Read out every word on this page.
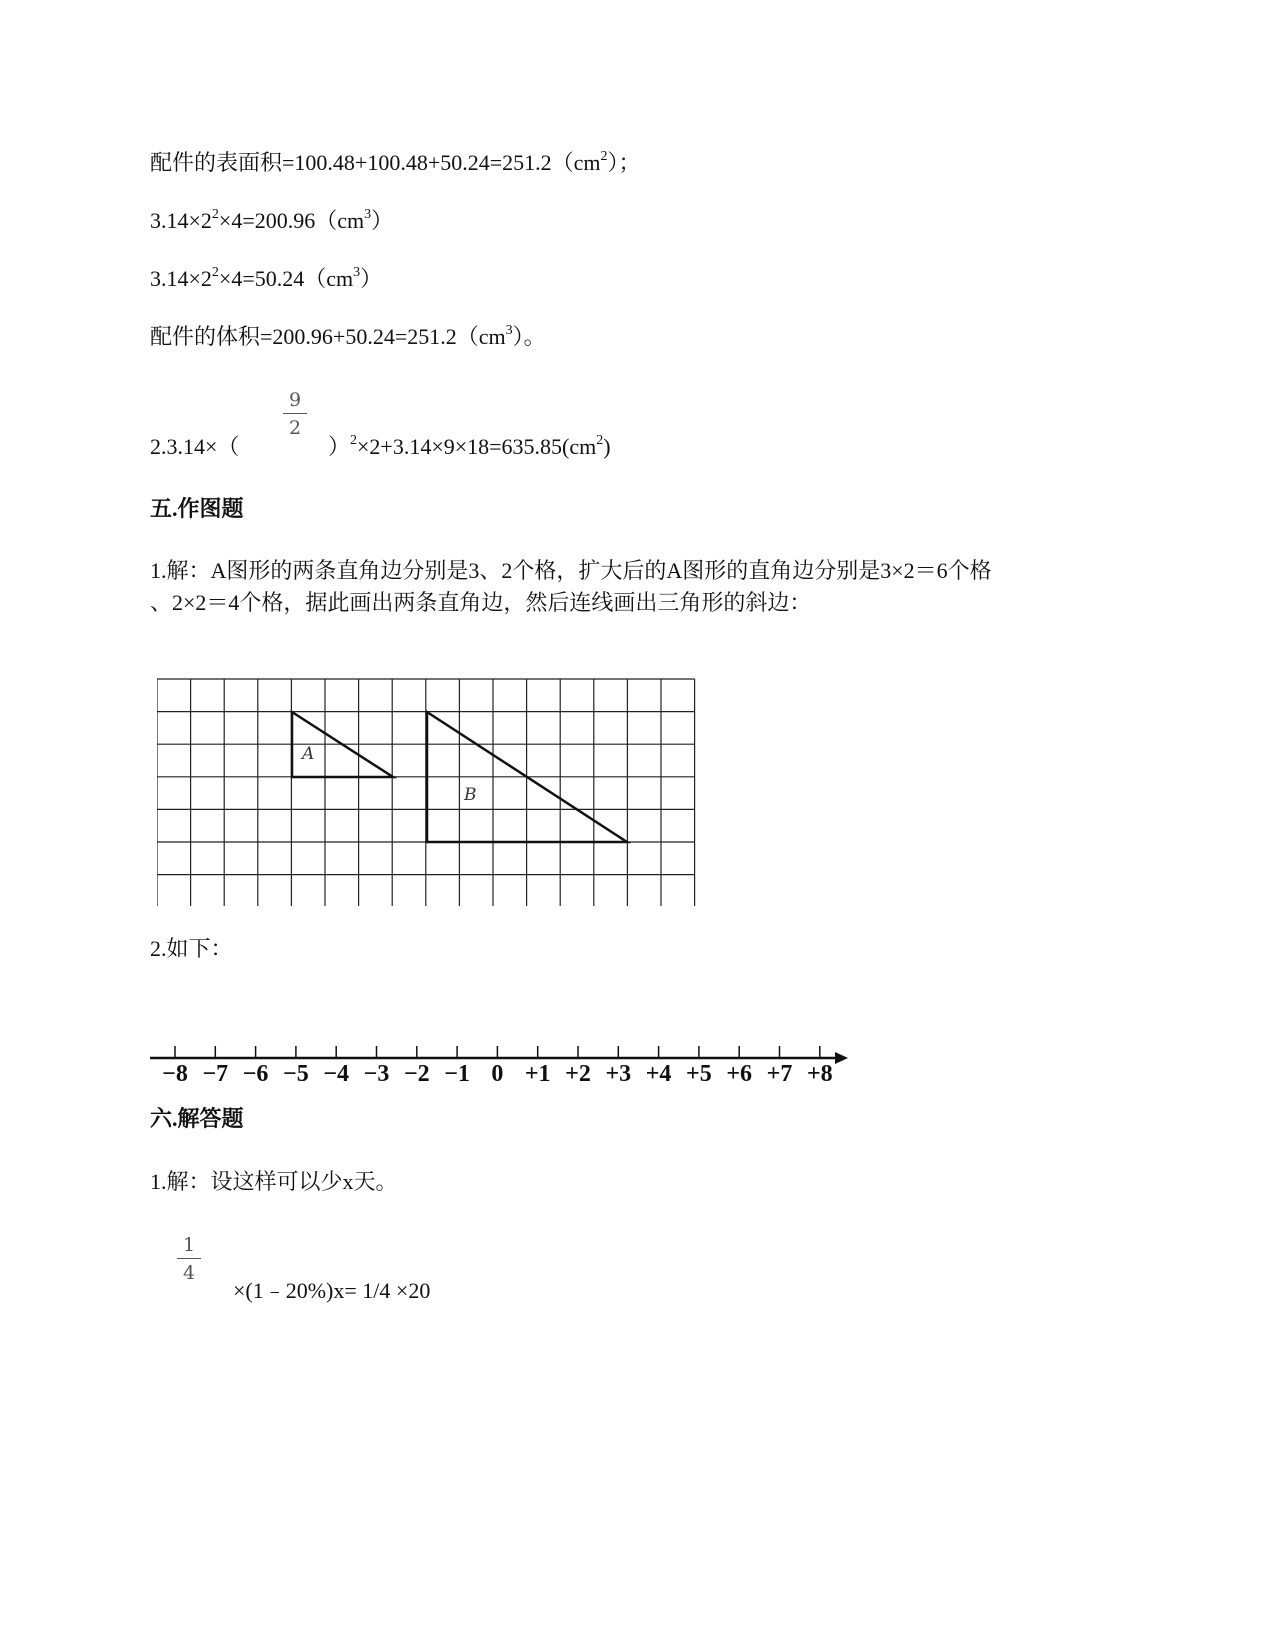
配件的表面积$=100.48+100.48+50.24=251.2(cm^2)$；
$3.14\times 2^2\times 4=200.96(cm^3)$
$3.14\times 2^2\times 4=50.24(cm^3)$
配件的体积$=200.96+50.24=251.2(cm^3)$。
9
2
2.3.14×（	）$^2\times 2+3.14\times 9\times 18=635.85(cm^2)$
五.作图题
1.解：A图形的两条直角边分别是3、2个格，扩大后的A图形的直角边分别是3×2＝6个格
、2×2＝4个格，据此画出两条直角边，然后连线画出三角形的斜边：
A
B
2.如下：
−8 −7 −6 −5 −4 −3 −2 −1 0 +1 +2 +3 +4 +5 +6 +7 +8
六.解答题
1.解：设这样可以少x天。
1
4
×(1﹣20%)x= 1/4 ×20
